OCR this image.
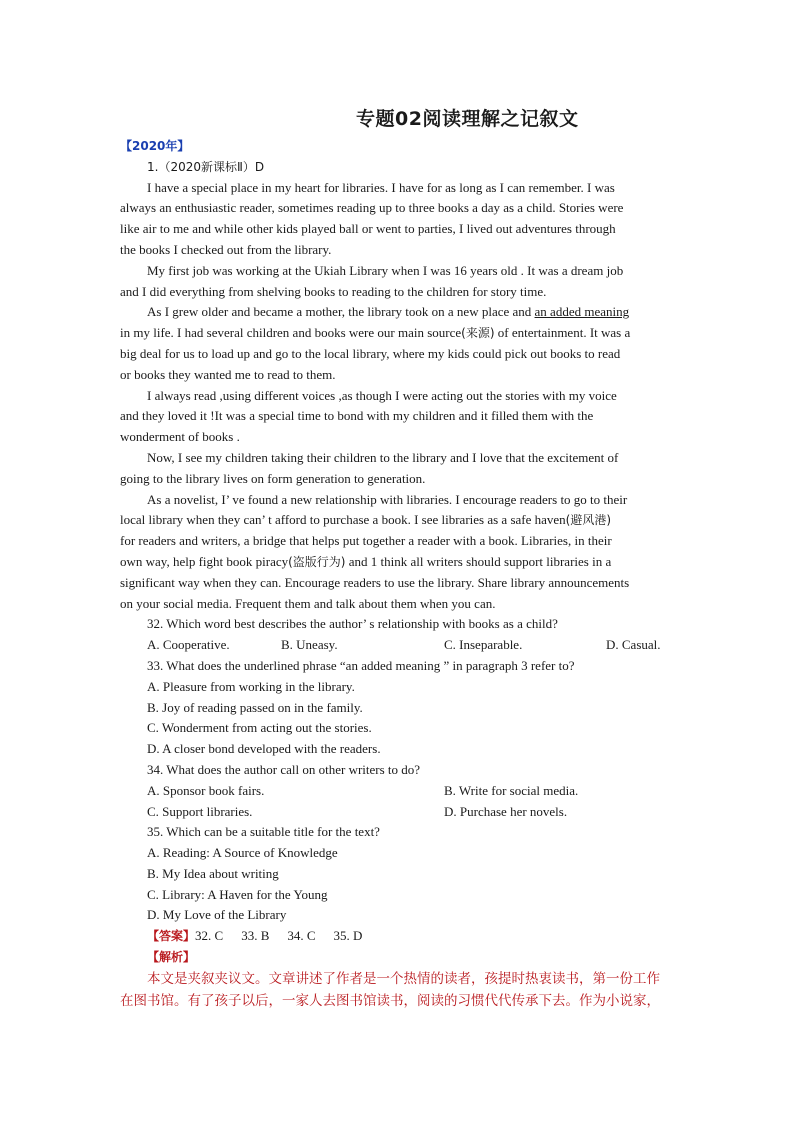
专题02阅读理解之记叙文
【2020年】
1.（2020新课标Ⅱ）D
I have a special place in my heart for libraries. I have for as long as I can remember. I was
always an enthusiastic reader, sometimes reading up to three books a day as a child. Stories were
like air to me and while other kids played ball or went to parties, I lived out adventures through
the books I checked out from the library.
My first job was working at the Ukiah Library when I was 16 years old . It was a dream job
and I did everything from shelving books to reading to the children for story time.
As I grew older and became a mother, the library took on a new place and an added meaning
in my life. I had several children and books were our main source(来源) of entertainment. It was a
big deal for us to load up and go to the local library, where my kids could pick out books to read
or books they wanted me to read to them.
I always read ,using different voices ,as though I were acting out the stories with my voice
and they loved it !It was a special time to bond with my children and it filled them with the
wonderment of books .
Now, I see my children taking their children to the library and I love that the excitement of
going to the library lives on form generation to generation.
As a novelist, I’ ve found a new relationship with libraries. I encourage readers to go to their
local library when they can’ t afford to purchase a book. I see libraries as a safe haven(避风港)
for readers and writers, a bridge that helps put together a reader with a book. Libraries, in their
own way, help fight book piracy(盗版行为) and 1 think all writers should support libraries in a
significant way when they can. Encourage readers to use the library. Share library announcements
on your social media. Frequent them and talk about them when you can.
32. Which word best describes the author’ s relationship with books as a child?
A. Cooperative.	B. Uneasy.	C. Inseparable.	D. Casual.
33. What does the underlined phrase “an added meaning ” in paragraph 3 refer to?
A. Pleasure from working in the library.
B. Joy of reading passed on in the family.
C. Wonderment from acting out the stories.
D. A closer bond developed with the readers.
34. What does the author call on other writers to do?
A. Sponsor book fairs.	B. Write for social media.
C. Support libraries.	D. Purchase her novels.
35. Which can be a suitable title for the text?
A. Reading: A Source of Knowledge
B. My Idea about writing
C. Library: A Haven for the Young
D. My Love of the Library
【答案】32. C 33. B 34. C 35. D
【解析】
本文是夹叙夹议文。文章讲述了作者是一个热情的读者，孩提时热衷读书，第一份工作
在图书馆。有了孩子以后，一家人去图书馆读书，阅读的习惯代代传承下去。作为小说家，
